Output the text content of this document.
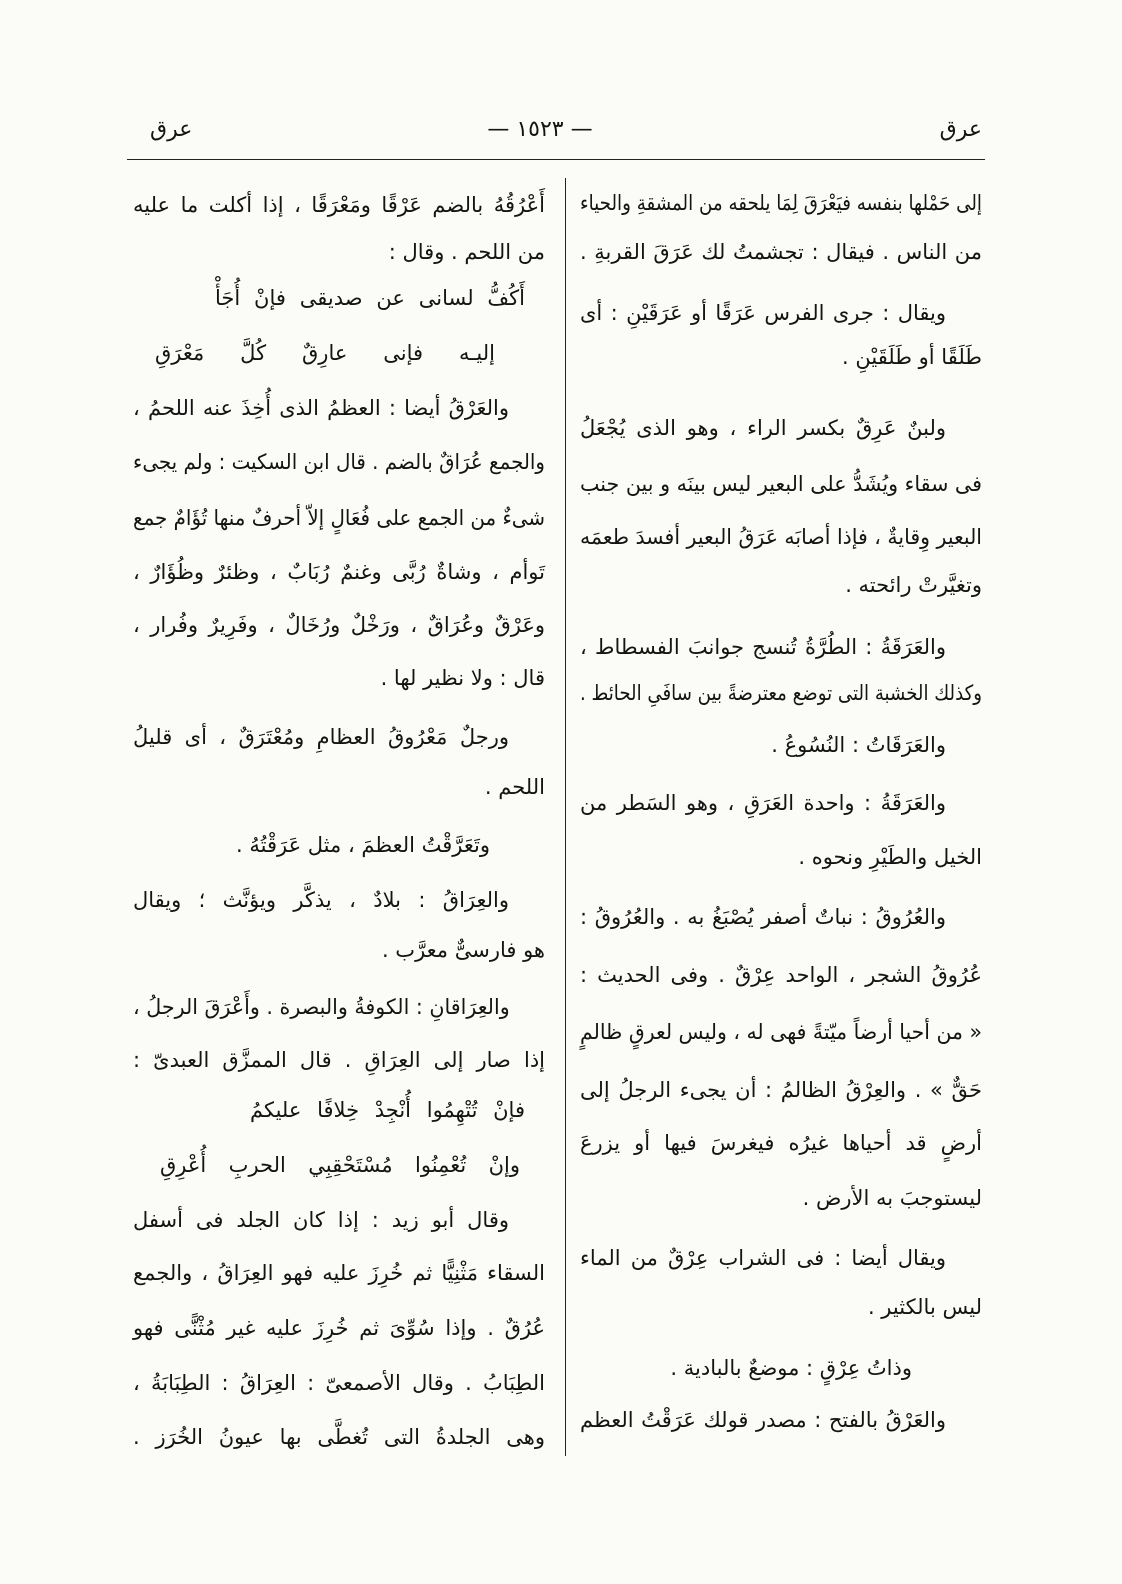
عرق
— ١٥٢٣ —
عرق
إلى حَمْلها بنفسه فيَعْرَقَ لِمَا يلحقه من المشقةِ والحياء
من الناس . فيقال : تجشمتُ لك عَرَقَ القربةِ .
ويقال : جرى الفرس عَرَقًا أو عَرَقَيْنِ : أى
طَلَقًا أو طَلَقَيْنِ .
ولبنٌ عَرِقٌ بكسر الراء ، وهو الذى يُجْعَلُ
فى سقاء ويُشَدُّ على البعير ليس بينَه و بين جنب
البعير وِقايةٌ ، فإذا أصابَه عَرَقُ البعير أفسدَ طعمَه
وتغيَّرتْ رائحته .
والعَرَقَةُ : الطُرَّةُ تُنسج جوانبَ الفسطاط ،
وكذلك الخشبة التى توضع معترضةً بين سافَىِ الحائط .
والعَرَقَاتُ : النُسُوعُ .
والعَرَقَةُ : واحدة العَرَقِ ، وهو السَطر من
الخيل والطَيْرِ ونحوه .
والعُرُوقُ : نباتٌ أصفر يُصْبَغُ به . والعُرُوقُ :
عُرُوقُ الشجر ، الواحد عِرْقٌ . وفى الحديث :
« من أحيا أرضاً ميّتةً فهى له ، وليس لعرقٍ ظالمٍ
حَقٌّ » . والعِرْقُ الظالمُ : أن يجىء الرجلُ إلى
أرضٍ قد أحياها غيرُه فيغرسَ فيها أو يزرعَ
ليستوجبَ به الأرض .
ويقال أيضا : فى الشراب عِرْقٌ من الماء
ليس بالكثير .
وذاتُ عِرْقٍ : موضعٌ بالبادية .
والعَرْقُ بالفتح : مصدر قولك عَرَقْتُ العظم
أَعْرُقُهُ بالضم عَرْقًا ومَعْرَقًا ، إذا أكلت ما عليه
من اللحم . وقال :
أَكُفُّ لسانى عن صديقى فإنْ أُجَأْ
إليـه فإنى عارِقٌ كُلَّ مَعْرَقِ
والعَرْقُ أيضا : العظمُ الذى أُخِذَ عنه اللحمُ ،
والجمع عُرَاقٌ بالضم . قال ابن السكيت : ولم يجىء
شىءٌ من الجمع على فُعَالٍ إلاّ أحرفٌ منها تُؤَامٌ جمع
تَوأم ، وشاةٌ رُبَّى وغنمٌ رُبَابٌ ، وظئرٌ وظُؤَارٌ ،
وعَرْقٌ وعُرَاقٌ ، ورَخْلٌ ورُخَالٌ ، وفَرِيرٌ وفُرار ،
قال : ولا نظير لها .
ورجلٌ مَعْرُوقُ العظامِ ومُعْتَرَقٌ ، أى قليلُ
اللحم .
وتَعَرَّقْتُ العظمَ ، مثل عَرَقْتُهُ .
والعِرَاقُ : بلادٌ ، يذكَّر ويؤنَّث ؛ ويقال
هو فارسىٌّ معرَّب .
والعِرَاقانِ : الكوفةُ والبصرة . وأَعْرَقَ الرجلُ ،
إذا صار إلى العِرَاقِ . قال الممزَّق العبدىّ :
فإنْ تُتْهِمُوا أُنْجِدْ خِلافًا عليكمُ
وإنْ تُعْمِنُوا مُسْتَحْقِبِي الحربِ أُعْرِقِ
وقال أبو زيد : إذا كان الجلد فى أسفل
السقاء مَثْنِيًّا ثم خُرِزَ عليه فهو العِرَاقُ ، والجمع
عُرُقٌ . وإذا سُوِّىَ ثم خُرِزَ عليه غير مُثْنًّى فهو
الطِبَابُ . وقال الأصمعىّ : العِرَاقُ : الطِبَابَةُ ،
وهى الجلدةُ التى تُغطَّى بها عيونُ الخُرَز .
